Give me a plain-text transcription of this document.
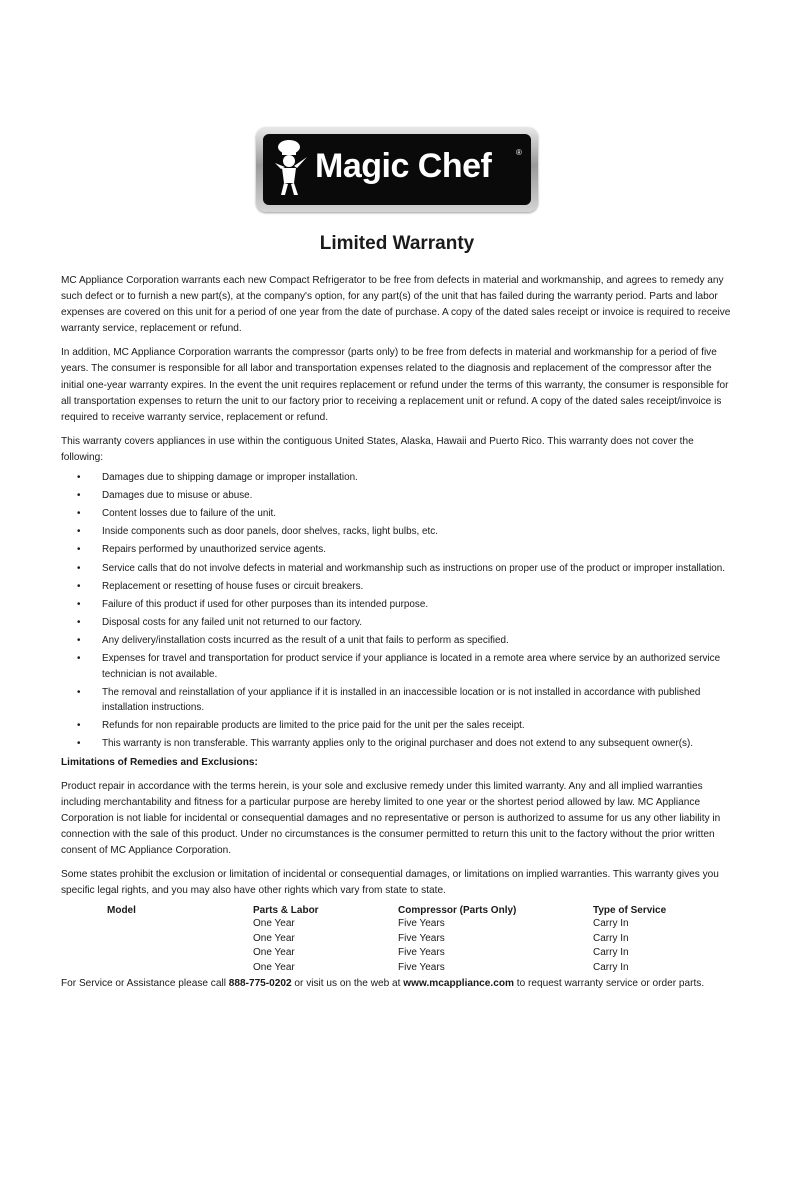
Magic Chef	®
Limited Warranty

MC Appliance Corporation warrants each new Compact Refrigerator to be free from defects in material and workmanship, and agrees to remedy any such defect or to furnish a new part(s), at the company's option, for any part(s) of the unit that has failed during the warranty period. Parts and labor expenses are covered on this unit for a period of one year from the date of purchase. A copy of the dated sales receipt or invoice is required to receive warranty service, replacement or refund.

In addition, MC Appliance Corporation warrants the compressor (parts only) to be free from defects in material and workmanship for a period of five years. The consumer is responsible for all labor and transportation expenses related to the diagnosis and replacement of the compressor after the initial one-year warranty expires. In the event the unit requires replacement or refund under the terms of this warranty, the consumer is responsible for all transportation expenses to return the unit to our factory prior to receiving a replacement unit or refund. A copy of the dated sales receipt/invoice is required to receive warranty service, replacement or refund.

This warranty covers appliances in use within the contiguous United States, Alaska, Hawaii and Puerto Rico. This warranty does not cover the following:

• Damages due to shipping damage or improper installation.
• Damages due to misuse or abuse.
• Content losses due to failure of the unit.
• Inside components such as door panels, door shelves, racks, light bulbs, etc.
• Repairs performed by unauthorized service agents.
• Service calls that do not involve defects in material and workmanship such as instructions on proper use of the product or improper installation.
• Replacement or resetting of house fuses or circuit breakers.
• Failure of this product if used for other purposes than its intended purpose.
• Disposal costs for any failed unit not returned to our factory.
• Any delivery/installation costs incurred as the result of a unit that fails to perform as specified.
• Expenses for travel and transportation for product service if your appliance is located in a remote area where service by an authorized service technician is not available.
• The removal and reinstallation of your appliance if it is installed in an inaccessible location or is not installed in accordance with published installation instructions.
• Refunds for non repairable products are limited to the price paid for the unit per the sales receipt.
• This warranty is non transferable. This warranty applies only to the original purchaser and does not extend to any subsequent owner(s).

Limitations of Remedies and Exclusions:

Product repair in accordance with the terms herein, is your sole and exclusive remedy under this limited warranty. Any and all implied warranties including merchantability and fitness for a particular purpose are hereby limited to one year or the shortest period allowed by law. MC Appliance Corporation is not liable for incidental or consequential damages and no representative or person is authorized to assume for us any other liability in connection with the sale of this product. Under no circumstances is the consumer permitted to return this unit to the factory without the prior written consent of MC Appliance Corporation.

Some states prohibit the exclusion or limitation of incidental or consequential damages, or limitations on implied warranties. This warranty gives you specific legal rights, and you may also have other rights which vary from state to state.

Model	Parts & Labor	Compressor (Parts Only)	Type of Service
	One Year	Five Years	Carry In
	One Year	Five Years	Carry In
	One Year	Five Years	Carry In
	One Year	Five Years	Carry In
For Service or Assistance please call 888-775-0202 or visit us on the web at www.mcappliance.com to request warranty service or order parts.
